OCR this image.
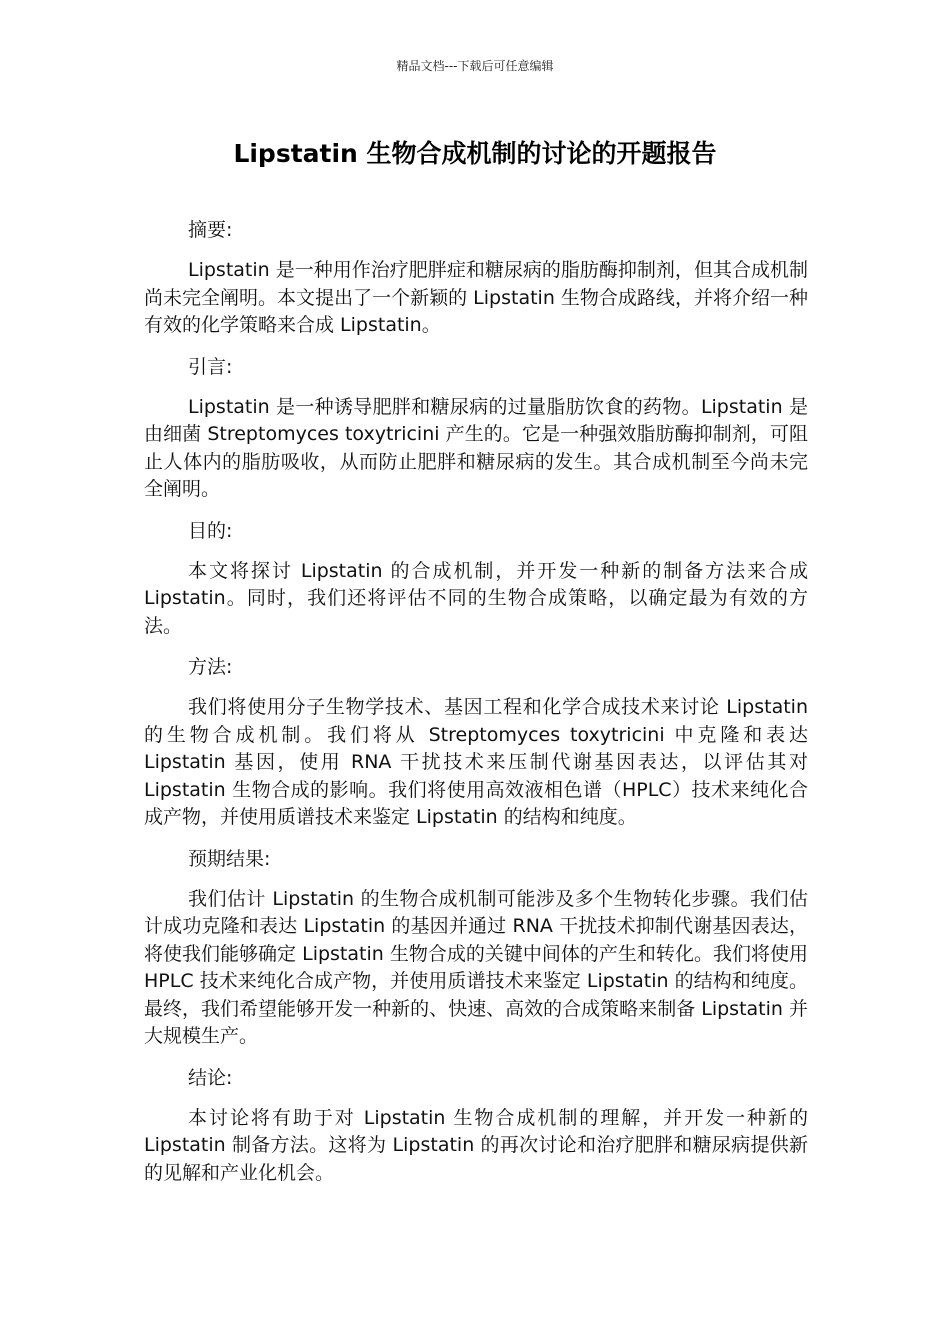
精品文档---下载后可任意编辑
Lipstatin 生物合成机制的讨论的开题报告

摘要:

Lipstatin 是一种用作治疗肥胖症和糖尿病的脂肪酶抑制剂，但其合成机制尚未完全阐明。本文提出了一个新颖的 Lipstatin 生物合成路线，并将介绍一种有效的化学策略来合成 Lipstatin。

引言:

Lipstatin 是一种诱导肥胖和糖尿病的过量脂肪饮食的药物。Lipstatin 是由细菌 Streptomyces toxytricini 产生的。它是一种强效脂肪酶抑制剂，可阻止人体内的脂肪吸收，从而防止肥胖和糖尿病的发生。其合成机制至今尚未完全阐明。

目的:

本文将探讨 Lipstatin 的合成机制，并开发一种新的制备方法来合成 Lipstatin。同时，我们还将评估不同的生物合成策略，以确定最为有效的方法。

方法:

我们将使用分子生物学技术、基因工程和化学合成技术来讨论 Lipstatin 的生物合成机制。我们将从 Streptomyces toxytricini 中克隆和表达 Lipstatin 基因，使用 RNA 干扰技术来压制代谢基因表达，以评估其对 Lipstatin 生物合成的影响。我们将使用高效液相色谱（HPLC）技术来纯化合成产物，并使用质谱技术来鉴定 Lipstatin 的结构和纯度。

预期结果:

我们估计 Lipstatin 的生物合成机制可能涉及多个生物转化步骤。我们估计成功克隆和表达 Lipstatin 的基因并通过 RNA 干扰技术抑制代谢基因表达，将使我们能够确定 Lipstatin 生物合成的关键中间体的产生和转化。我们将使用 HPLC 技术来纯化合成产物，并使用质谱技术来鉴定 Lipstatin 的结构和纯度。最终，我们希望能够开发一种新的、快速、高效的合成策略来制备 Lipstatin 并大规模生产。

结论:

本讨论将有助于对 Lipstatin 生物合成机制的理解，并开发一种新的 Lipstatin 制备方法。这将为 Lipstatin 的再次讨论和治疗肥胖和糖尿病提供新的见解和产业化机会。
